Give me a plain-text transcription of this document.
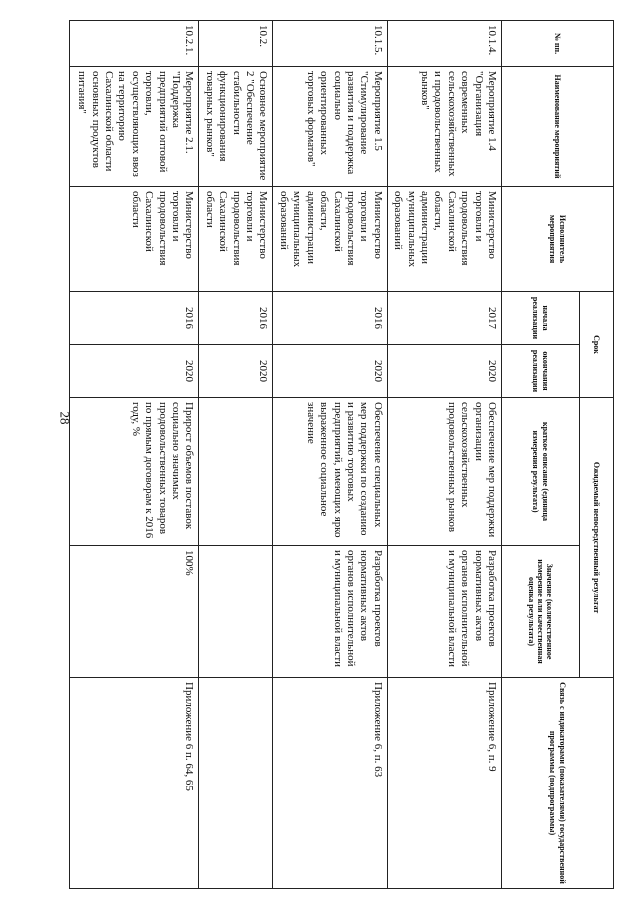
28
№ пп.	Наименование мероприятий	Исполнитель мероприятия	Срок		Ожидаемый непосредственный результат		Связь с индикаторами (показателями) государственной программы (подпрограммы)
			начала реализации	окончания реализации	краткое описание (единица измерения результата)	Значение (количественное измерение или качественная оценка результата)	
10.1.4.	Мероприятие 1.4 "Организация современных сельскохозяйственных и продовольственных рынков"	Министерство торговли и продовольствия Сахалинской области, администрации муниципальных образований	2017	2020	Обеспечение мер поддержки организации сельскохозяйственных продовольственных рынков	Разработка проектов нормативных актов органов исполнительной и муниципальной власти	Приложение 6, п. 9
10.1.5.	Мероприятие 1.5 "Стимулирование развития и поддержка социально ориентированных торговых форматов"	Министерство торговли и продовольствия Сахалинской области, администрации муниципальных образований	2016	2020	Обеспечение специальных мер поддержки по созданию и развитию торговых предприятий, имеющих ярко выраженное социальное значение	Разработка проектов нормативных актов органов исполнительной и муниципальной власти	Приложение 6, п. 63
10.2.	Основное мероприятие 2 "Обеспечение стабильности функционирования товарных рынков"	Министерство торговли и продовольствия Сахалинской области	2016	2020			
10.2.1.	Мероприятие 2.1. "Поддержка предприятий оптовой торговли, осуществляющих ввоз на территорию Сахалинской области основных продуктов питания"	Министерство торговли и продовольствия Сахалинской области	2016	2020	Прирост объемов поставок социально значимых продовольственных товаров по прямым договорам к 2016 году, %	100%	Приложение 6 п. 64, 65
